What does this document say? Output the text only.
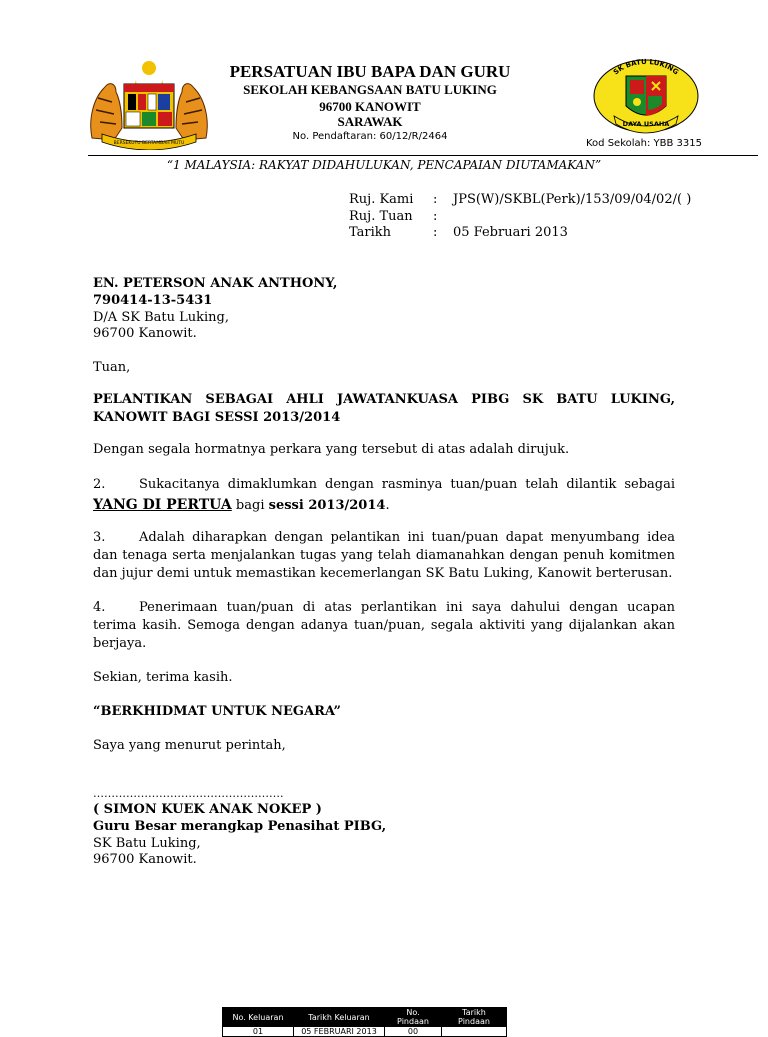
BERSEKUTU BERTAMBAH MUTU
PERSATUAN IBU BAPA DAN GURU
SEKOLAH KEBANGSAAN BATU LUKING
96700 KANOWIT
SARAWAK
No. Pendaftaran: 60/12/R/2464
SK BATU LUKING
DAYA USAHA
Kod Sekolah: YBB 3315
“1 MALAYSIA: RAKYAT DIDAHULUKAN, PENCAPAIAN DIUTAMAKAN”
Ruj. Kami : JPS(W)/SKBL(Perk)/153/09/04/02/( )
Ruj. Tuan :
Tarikh	: 05 Februari 2013
EN. PETERSON ANAK ANTHONY,
790414-13-5431
D/A SK Batu Luking,
96700 Kanowit.
Tuan,
PELANTIKAN SEBAGAI AHLI JAWATANKUASA PIBG SK BATU LUKING, KANOWIT BAGI SESSI 2013/2014
Dengan segala hormatnya perkara yang tersebut di atas adalah dirujuk.
2.	Sukacitanya dimaklumkan dengan rasminya tuan/puan telah dilantik sebagai YANG DI PERTUA bagi sessi 2013/2014.
3.	Adalah diharapkan dengan pelantikan ini tuan/puan dapat menyumbang idea dan tenaga serta menjalankan tugas yang telah diamanahkan dengan penuh komitmen dan jujur demi untuk memastikan kecemerlangan SK Batu Luking, Kanowit berterusan.
4.	Penerimaan tuan/puan di atas perlantikan ini saya dahului dengan ucapan terima kasih. Semoga dengan adanya tuan/puan, segala aktiviti yang dijalankan akan berjaya.
Sekian, terima kasih.
“BERKHIDMAT UNTUK NEGARA”
Saya yang menurut perintah,
…………………………………………….
( SIMON KUEK ANAK NOKEP )
Guru Besar merangkap Penasihat PIBG,
SK Batu Luking,
96700 Kanowit.
No. Keluaran	Tarikh Keluaran	No. Pindaan	Tarikh Pindaan
01	05 FEBRUARI 2013	00	
